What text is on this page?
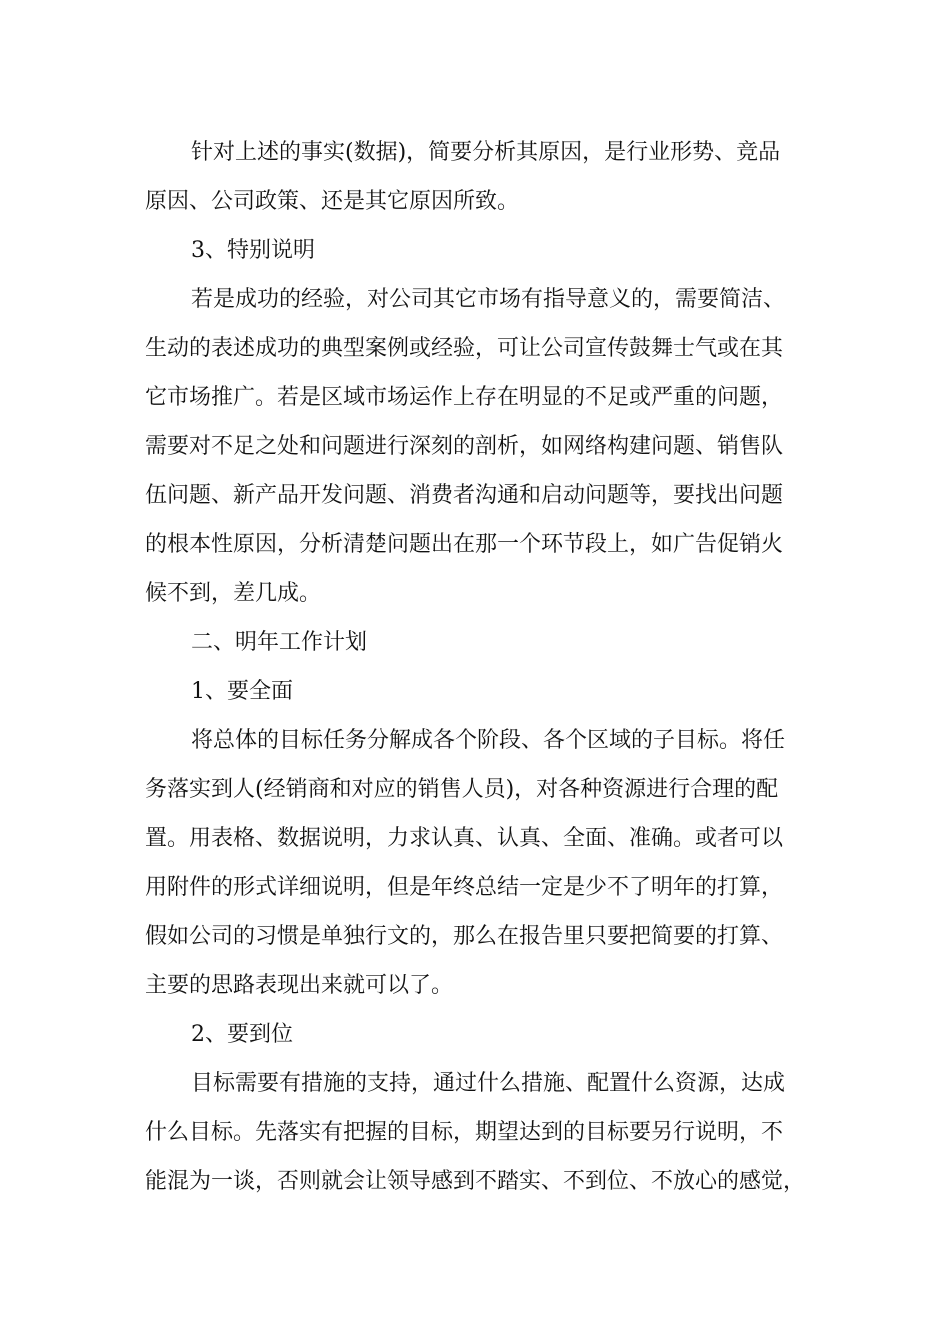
针对上述的事实(数据)，简要分析其原因，是行业形势、竞品

原因、公司政策、还是其它原因所致。

3、特别说明

若是成功的经验，对公司其它市场有指导意义的，需要简洁、

生动的表述成功的典型案例或经验，可让公司宣传鼓舞士气或在其

它市场推广。若是区域市场运作上存在明显的不足或严重的问题，

需要对不足之处和问题进行深刻的剖析，如网络构建问题、销售队

伍问题、新产品开发问题、消费者沟通和启动问题等，要找出问题

的根本性原因，分析清楚问题出在那一个环节段上，如广告促销火

候不到，差几成。

二、明年工作计划

1、要全面

将总体的目标任务分解成各个阶段、各个区域的子目标。将任

务落实到人(经销商和对应的销售人员)，对各种资源进行合理的配

置。用表格、数据说明，力求认真、认真、全面、准确。或者可以

用附件的形式详细说明，但是年终总结一定是少不了明年的打算，

假如公司的习惯是单独行文的，那么在报告里只要把简要的打算、

主要的思路表现出来就可以了。

2、要到位

目标需要有措施的支持，通过什么措施、配置什么资源，达成

什么目标。先落实有把握的目标，期望达到的目标要另行说明，不

能混为一谈，否则就会让领导感到不踏实、不到位、不放心的感觉，
